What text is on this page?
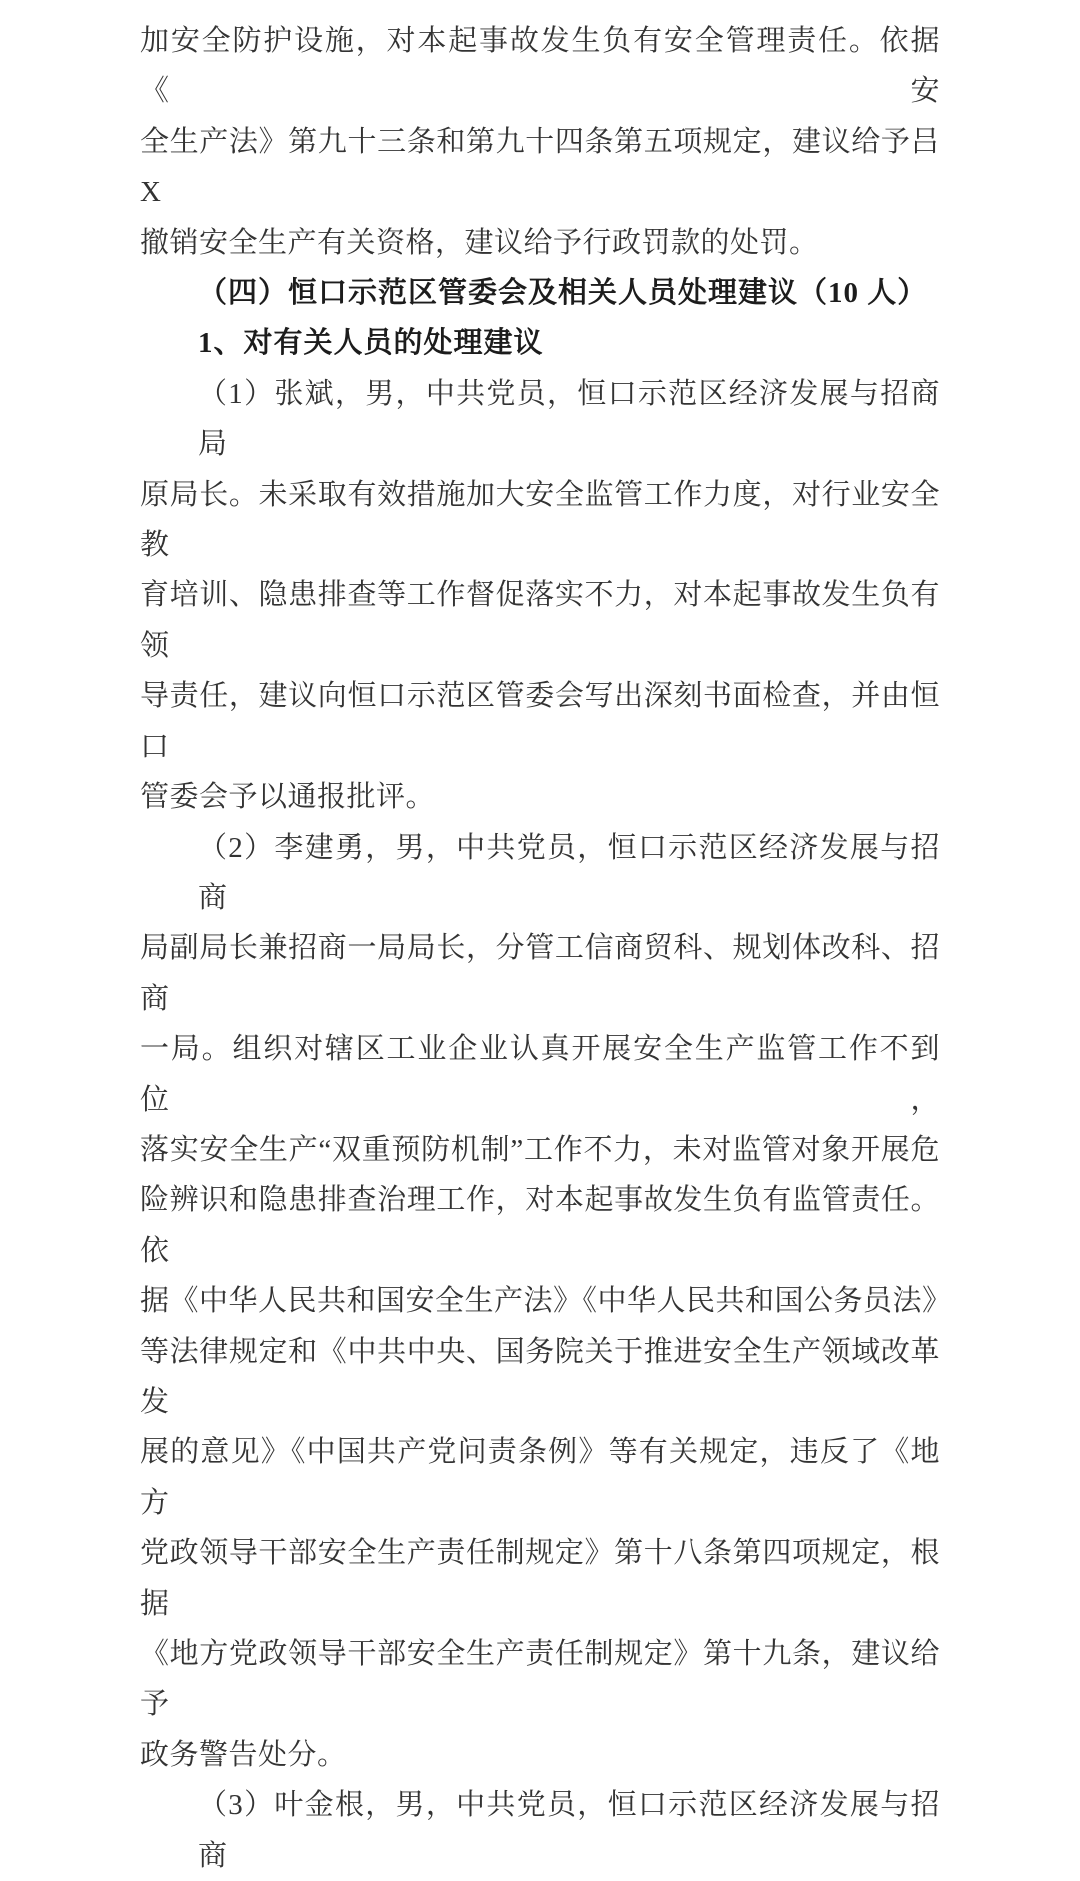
加安全防护设施，对本起事故发生负有安全管理责任。依据《安
全生产法》第九十三条和第九十四条第五项规定，建议给予吕 X
撤销安全生产有关资格，建议给予行政罚款的处罚。
（四）恒口示范区管委会及相关人员处理建议（10 人）
1、对有关人员的处理建议
（1）张斌，男，中共党员，恒口示范区经济发展与招商局
原局长。未采取有效措施加大安全监管工作力度，对行业安全教
育培训、隐患排查等工作督促落实不力，对本起事故发生负有领
导责任，建议向恒口示范区管委会写出深刻书面检查，并由恒口
管委会予以通报批评。
（2）李建勇，男，中共党员，恒口示范区经济发展与招商
局副局长兼招商一局局长，分管工信商贸科、规划体改科、招商
一局。组织对辖区工业企业认真开展安全生产监管工作不到位，
落实安全生产“双重预防机制”工作不力，未对监管对象开展危
险辨识和隐患排查治理工作，对本起事故发生负有监管责任。依
据《中华人民共和国安全生产法》《中华人民共和国公务员法》
等法律规定和《中共中央、国务院关于推进安全生产领域改革发
展的意见》《中国共产党问责条例》等有关规定，违反了《地方
党政领导干部安全生产责任制规定》第十八条第四项规定，根据
《地方党政领导干部安全生产责任制规定》第十九条，建议给予
政务警告处分。
（3）叶金根，男，中共党员，恒口示范区经济发展与招商
